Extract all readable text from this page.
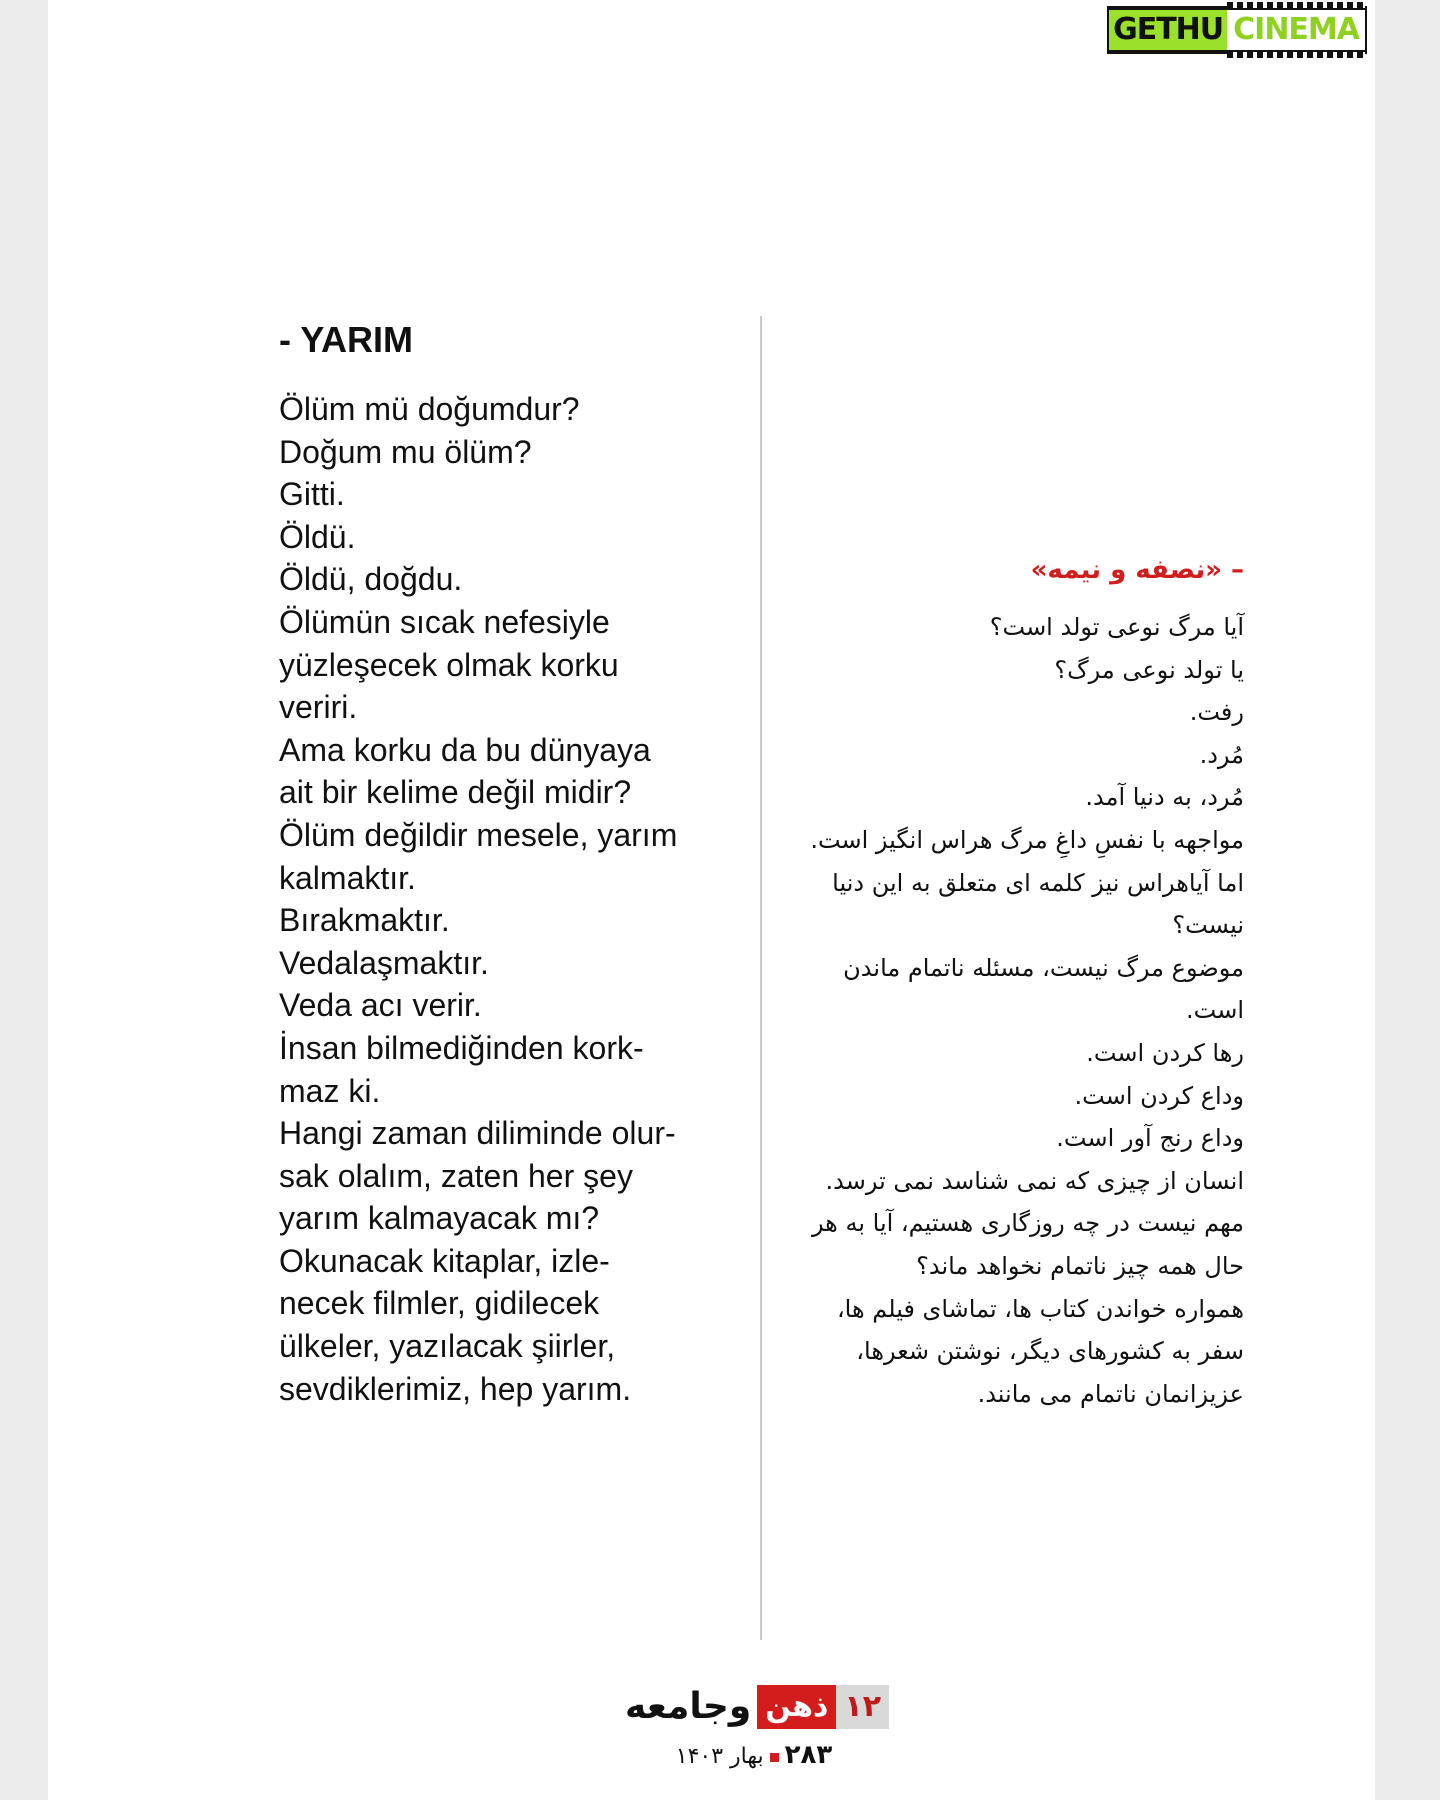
GETHU CINEMA
- YARIM
Ölüm mü doğumdur?
Doğum mu ölüm?
Gitti.
Öldü.
Öldü, doğdu.
Ölümün sıcak nefesiyle
yüzleşecek olmak korku
veriri.
Ama korku da bu dünyaya
ait bir kelime değil midir?
Ölüm değildir mesele, yarım
kalmaktır.
Bırakmaktır.
Vedalaşmaktır.
Veda acı verir.
İnsan bilmediğinden kork-
maz ki.
Hangi zaman diliminde olur-
sak olalım, zaten her şey
yarım kalmayacak mı?
Okunacak kitaplar, izle-
necek filmler, gidilecek
ülkeler, yazılacak şiirler,
sevdiklerimiz, hep yarım.
– «نصفه و نیمه»
آیا مرگ نوعی تولد است؟
یا تولد نوعی مرگ؟
رفت.
مُرد.
مُرد، به دنیا آمد.
مواجهه با نفسِ داغِ مرگ هراس انگیز است.
اما آیاهراس نیز کلمه ای متعلق به این دنیا
نیست؟
موضوع مرگ نیست، مسئله ناتمام ماندن
است.
رها کردن است.
وداع کردن است.
وداع رنج آور است.
انسان از چیزی که نمی شناسد نمی ترسد.
مهم نیست در چه روزگاری هستیم، آیا به هر
حال همه چیز ناتمام نخواهد ماند؟
همواره خواندن کتاب ها، تماشای فیلم ها،
سفر به کشورهای دیگر، نوشتن شعرها،
عزیزانمان ناتمام می مانند.
۱۲
ذهن
وجامعه
۲۸۳بهار ۱۴۰۳
